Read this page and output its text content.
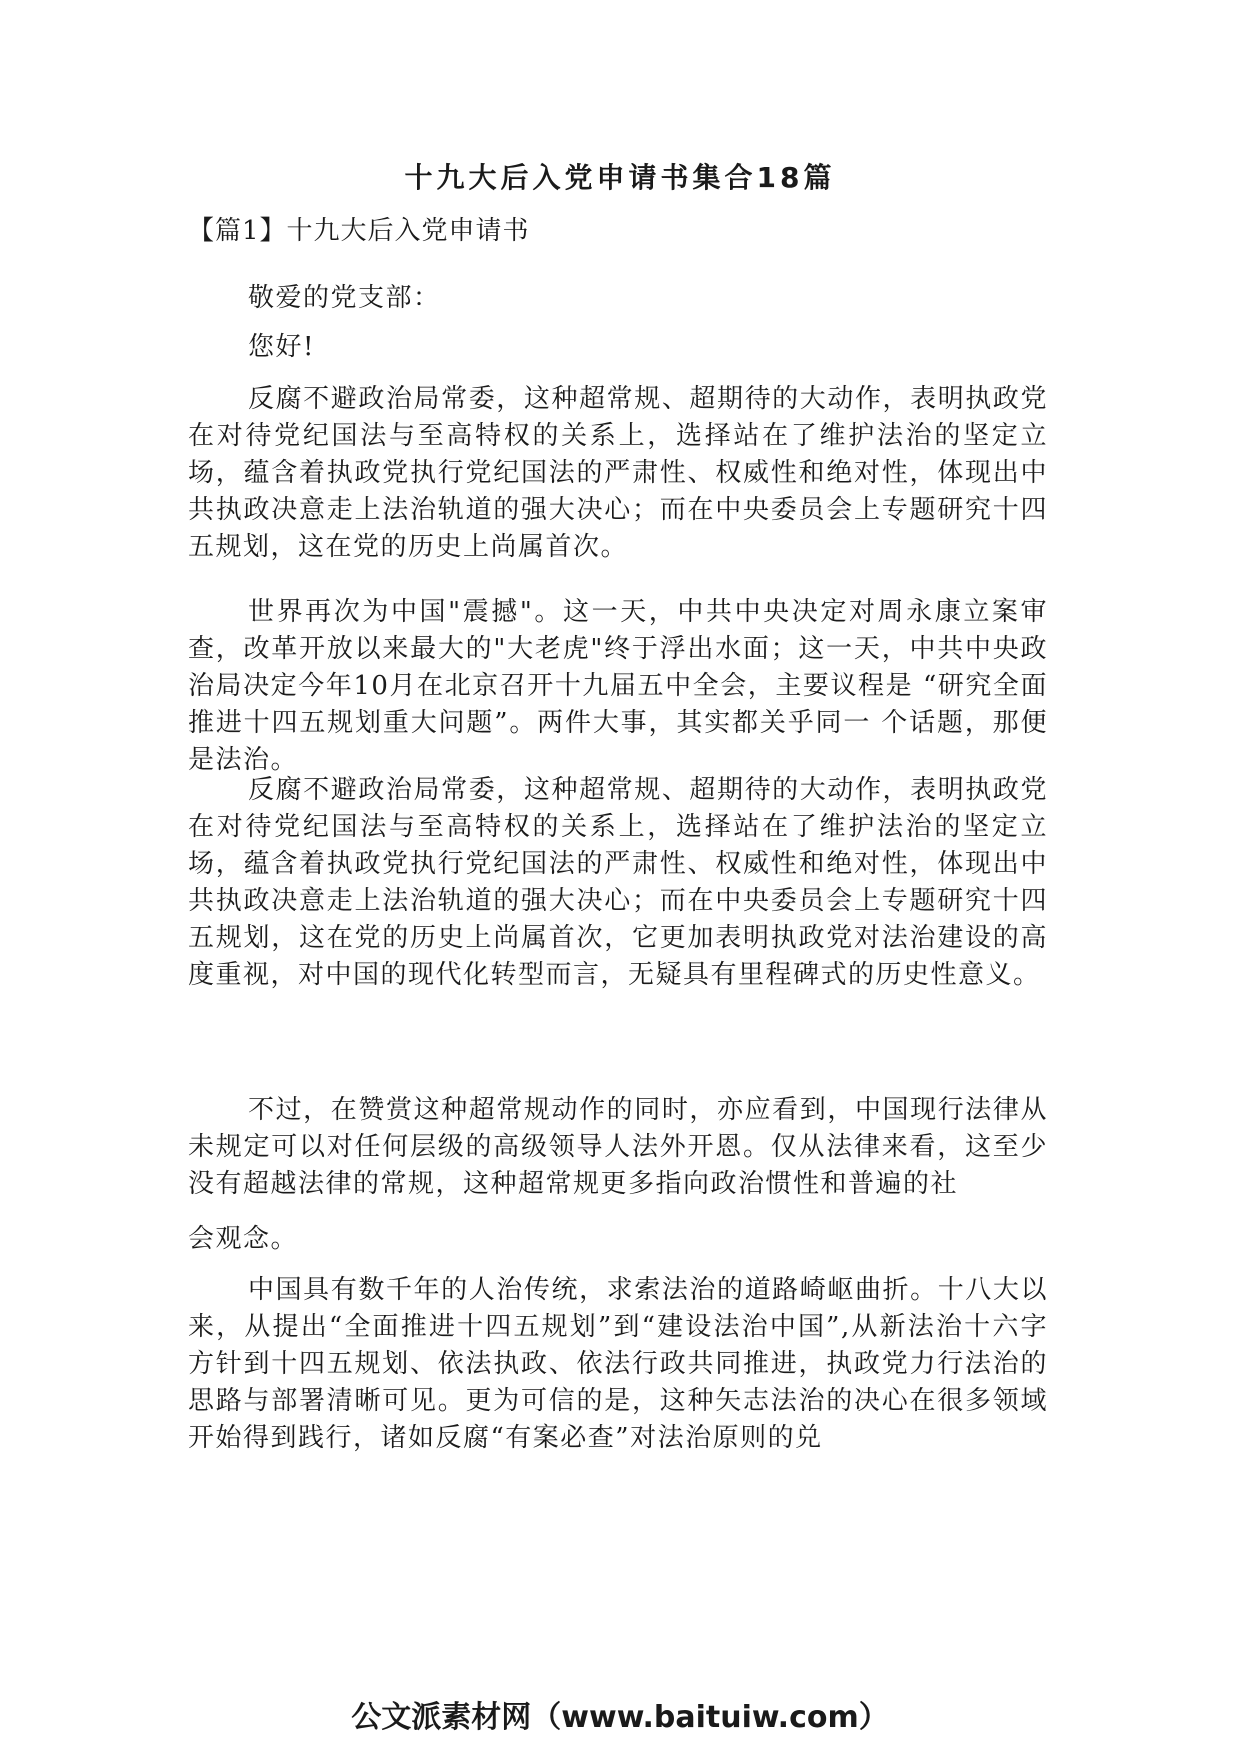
十九大后入党申请书集合18篇
【篇1】十九大后入党申请书
敬爱的党支部：
您好!
反腐不避政治局常委，这种超常规、超期待的大动作，表明执政党在对待党纪国法与至高特权的关系上，选择站在了维护法治的坚定立场，蕴含着执政党执行党纪国法的严肃性、权威性和绝对性，体现出中共执政决意走上法治轨道的强大决心；而在中央委员会上专题研究十四五规划，这在党的历史上尚属首次。
世界再次为中国"震撼"。这一天，中共中央决定对周永康立案审查，改革开放以来最大的"大老虎"终于浮出水面；这一天，中共中央政治局决定今年10月在北京召开十九届五中全会，主要议程是 “研究全面推进十四五规划重大问题”。两件大事，其实都关乎同一 个话题，那便是法治。
反腐不避政治局常委，这种超常规、超期待的大动作，表明执政党在对待党纪国法与至高特权的关系上，选择站在了维护法治的坚定立场，蕴含着执政党执行党纪国法的严肃性、权威性和绝对性，体现出中共执政决意走上法治轨道的强大决心；而在中央委员会上专题研究十四五规划，这在党的历史上尚属首次，它更加表明执政党对法治建设的高度重视，对中国的现代化转型而言，无疑具有里程碑式的历史性意义。
不过，在赞赏这种超常规动作的同时，亦应看到，中国现行法律从未规定可以对任何层级的高级领导人法外开恩。仅从法律来看，这至少没有超越法律的常规，这种超常规更多指向政治惯性和普遍的社
会观念。
中国具有数千年的人治传统，求索法治的道路崎岖曲折。十八大以来，从提出“全面推进十四五规划”到“建设法治中国”,从新法治十六字方针到十四五规划、依法执政、依法行政共同推进，执政党力行法治的思路与部署清晰可见。更为可信的是，这种矢志法治的决心在很多领域开始得到践行，诸如反腐“有案必查”对法治原则的兑
公文派素材网（www.baituiw.com）
